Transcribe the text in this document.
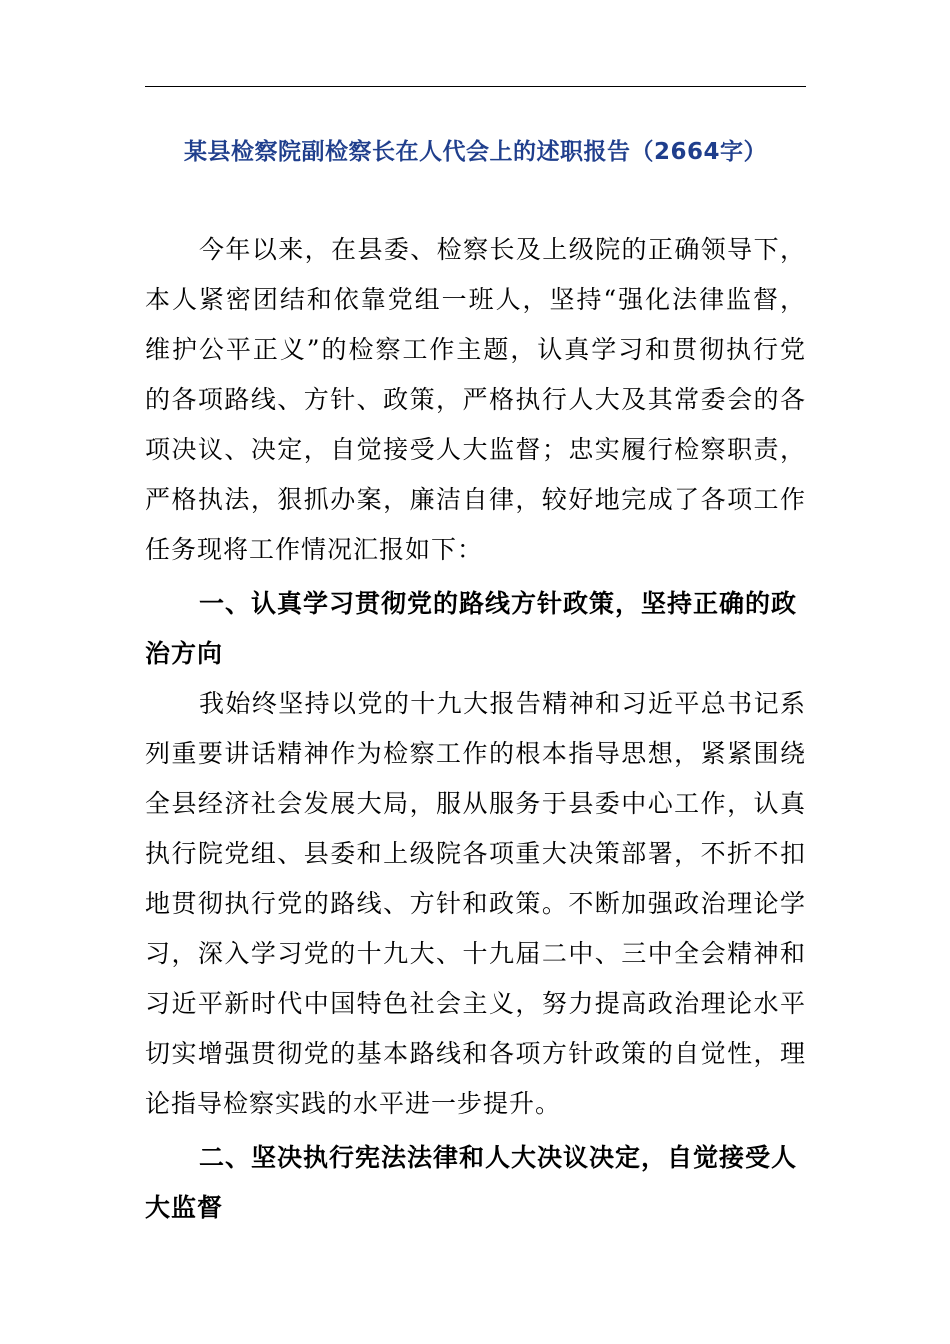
某县检察院副检察长在人代会上的述职报告（2664字）

今年以来，在县委、检察长及上级院的正确领导下，本人紧密团结和依靠党组一班人，坚持“强化法律监督，维护公平正义”的检察工作主题，认真学习和贯彻执行党的各项路线、方针、政策，严格执行人大及其常委会的各项决议、决定，自觉接受人大监督；忠实履行检察职责，严格执法，狠抓办案，廉洁自律，较好地完成了各项工作任务现将工作情况汇报如下：

一、认真学习贯彻党的路线方针政策，坚持正确的政治方向

我始终坚持以党的十九大报告精神和习近平总书记系列重要讲话精神作为检察工作的根本指导思想，紧紧围绕全县经济社会发展大局，服从服务于县委中心工作，认真执行院党组、县委和上级院各项重大决策部署，不折不扣地贯彻执行党的路线、方针和政策。不断加强政治理论学习，深入学习党的十九大、十九届二中、三中全会精神和习近平新时代中国特色社会主义，努力提高政治理论水平切实增强贯彻党的基本路线和各项方针政策的自觉性，理论指导检察实践的水平进一步提升。

二、坚决执行宪法法律和人大决议决定，自觉接受人大监督
